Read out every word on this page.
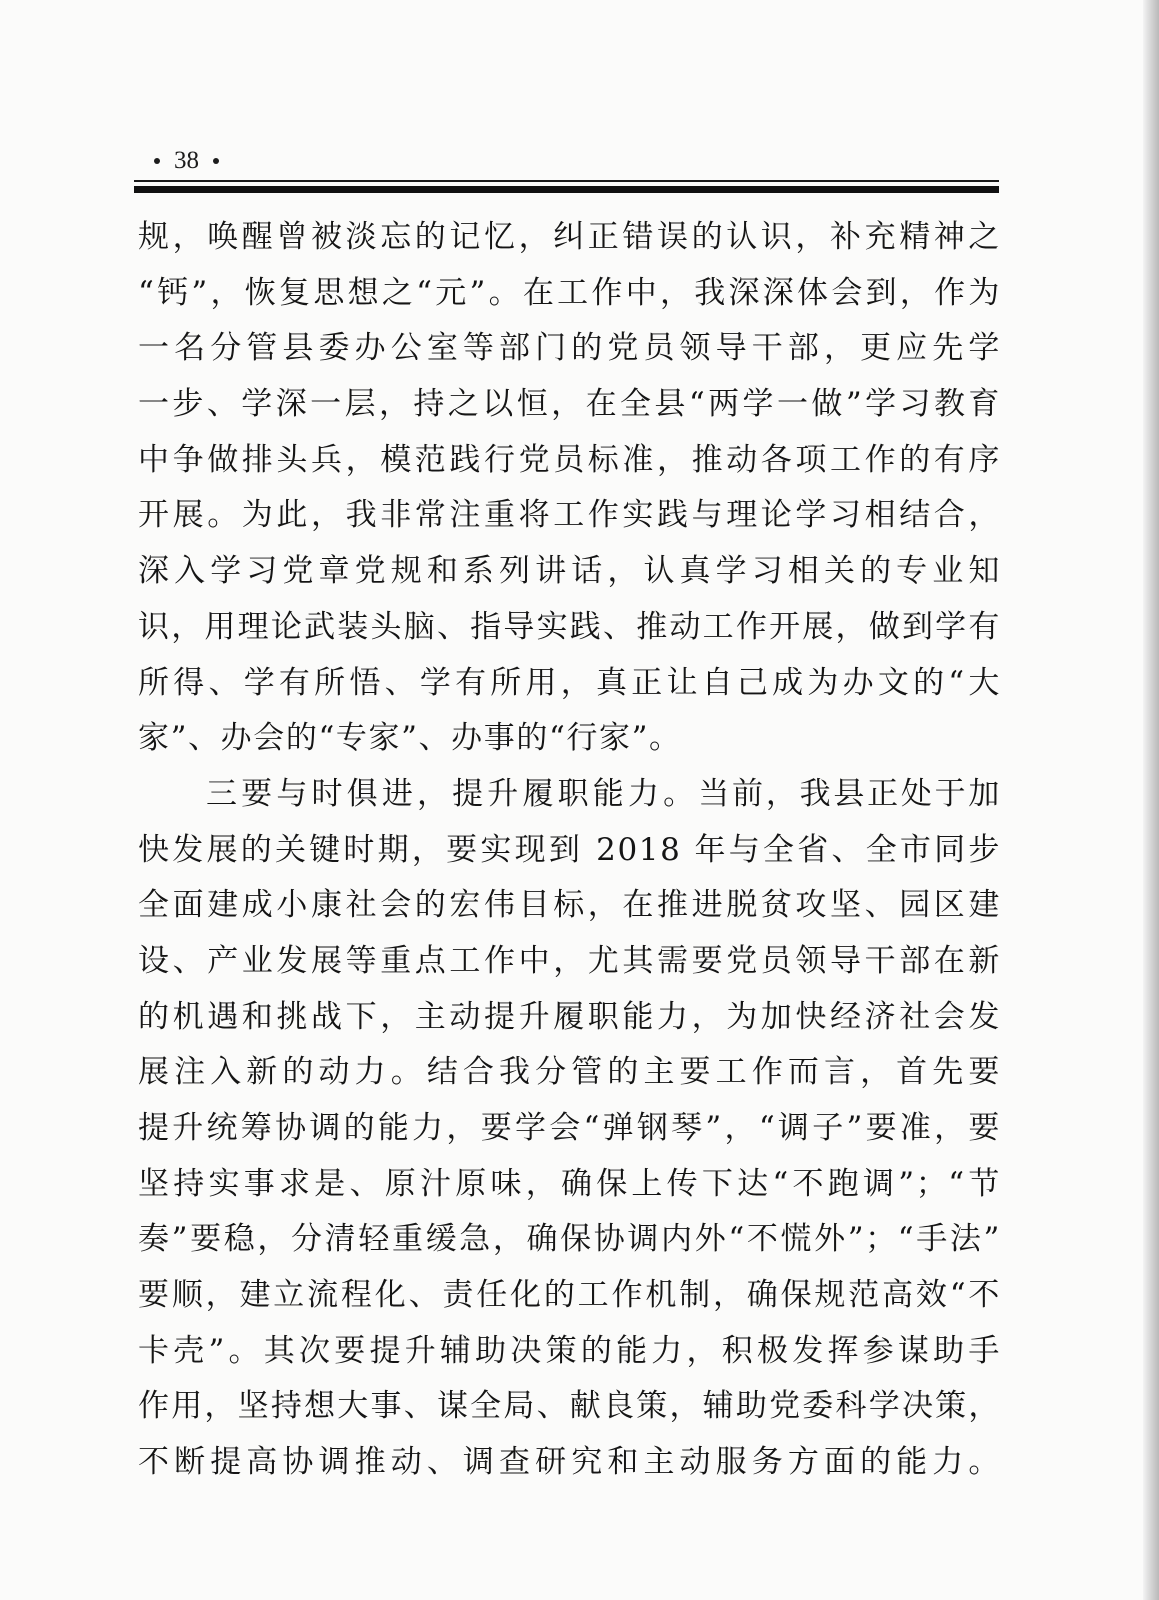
38
规，唤醒曾被淡忘的记忆，纠正错误的认识，补充精神之
“钙”，恢复思想之“元”。在工作中，我深深体会到，作为
一名分管县委办公室等部门的党员领导干部，更应先学
一步、学深一层，持之以恒，在全县“两学一做”学习教育
中争做排头兵，模范践行党员标准，推动各项工作的有序
开展。为此，我非常注重将工作实践与理论学习相结合，
深入学习党章党规和系列讲话，认真学习相关的专业知
识，用理论武装头脑、指导实践、推动工作开展，做到学有
所得、学有所悟、学有所用，真正让自己成为办文的“大
家”、办会的“专家”、办事的“行家”。
三要与时俱进，提升履职能力。当前，我县正处于加
快发展的关键时期，要实现到 2018 年与全省、全市同步
全面建成小康社会的宏伟目标，在推进脱贫攻坚、园区建
设、产业发展等重点工作中，尤其需要党员领导干部在新
的机遇和挑战下，主动提升履职能力，为加快经济社会发
展注入新的动力。结合我分管的主要工作而言，首先要
提升统筹协调的能力，要学会“弹钢琴”，“调子”要准，要
坚持实事求是、原汁原味，确保上传下达“不跑调”；“节
奏”要稳，分清轻重缓急，确保协调内外“不慌外”；“手法”
要顺，建立流程化、责任化的工作机制，确保规范高效“不
卡壳”。其次要提升辅助决策的能力，积极发挥参谋助手
作用，坚持想大事、谋全局、献良策，辅助党委科学决策，
不断提高协调推动、调查研究和主动服务方面的能力。
